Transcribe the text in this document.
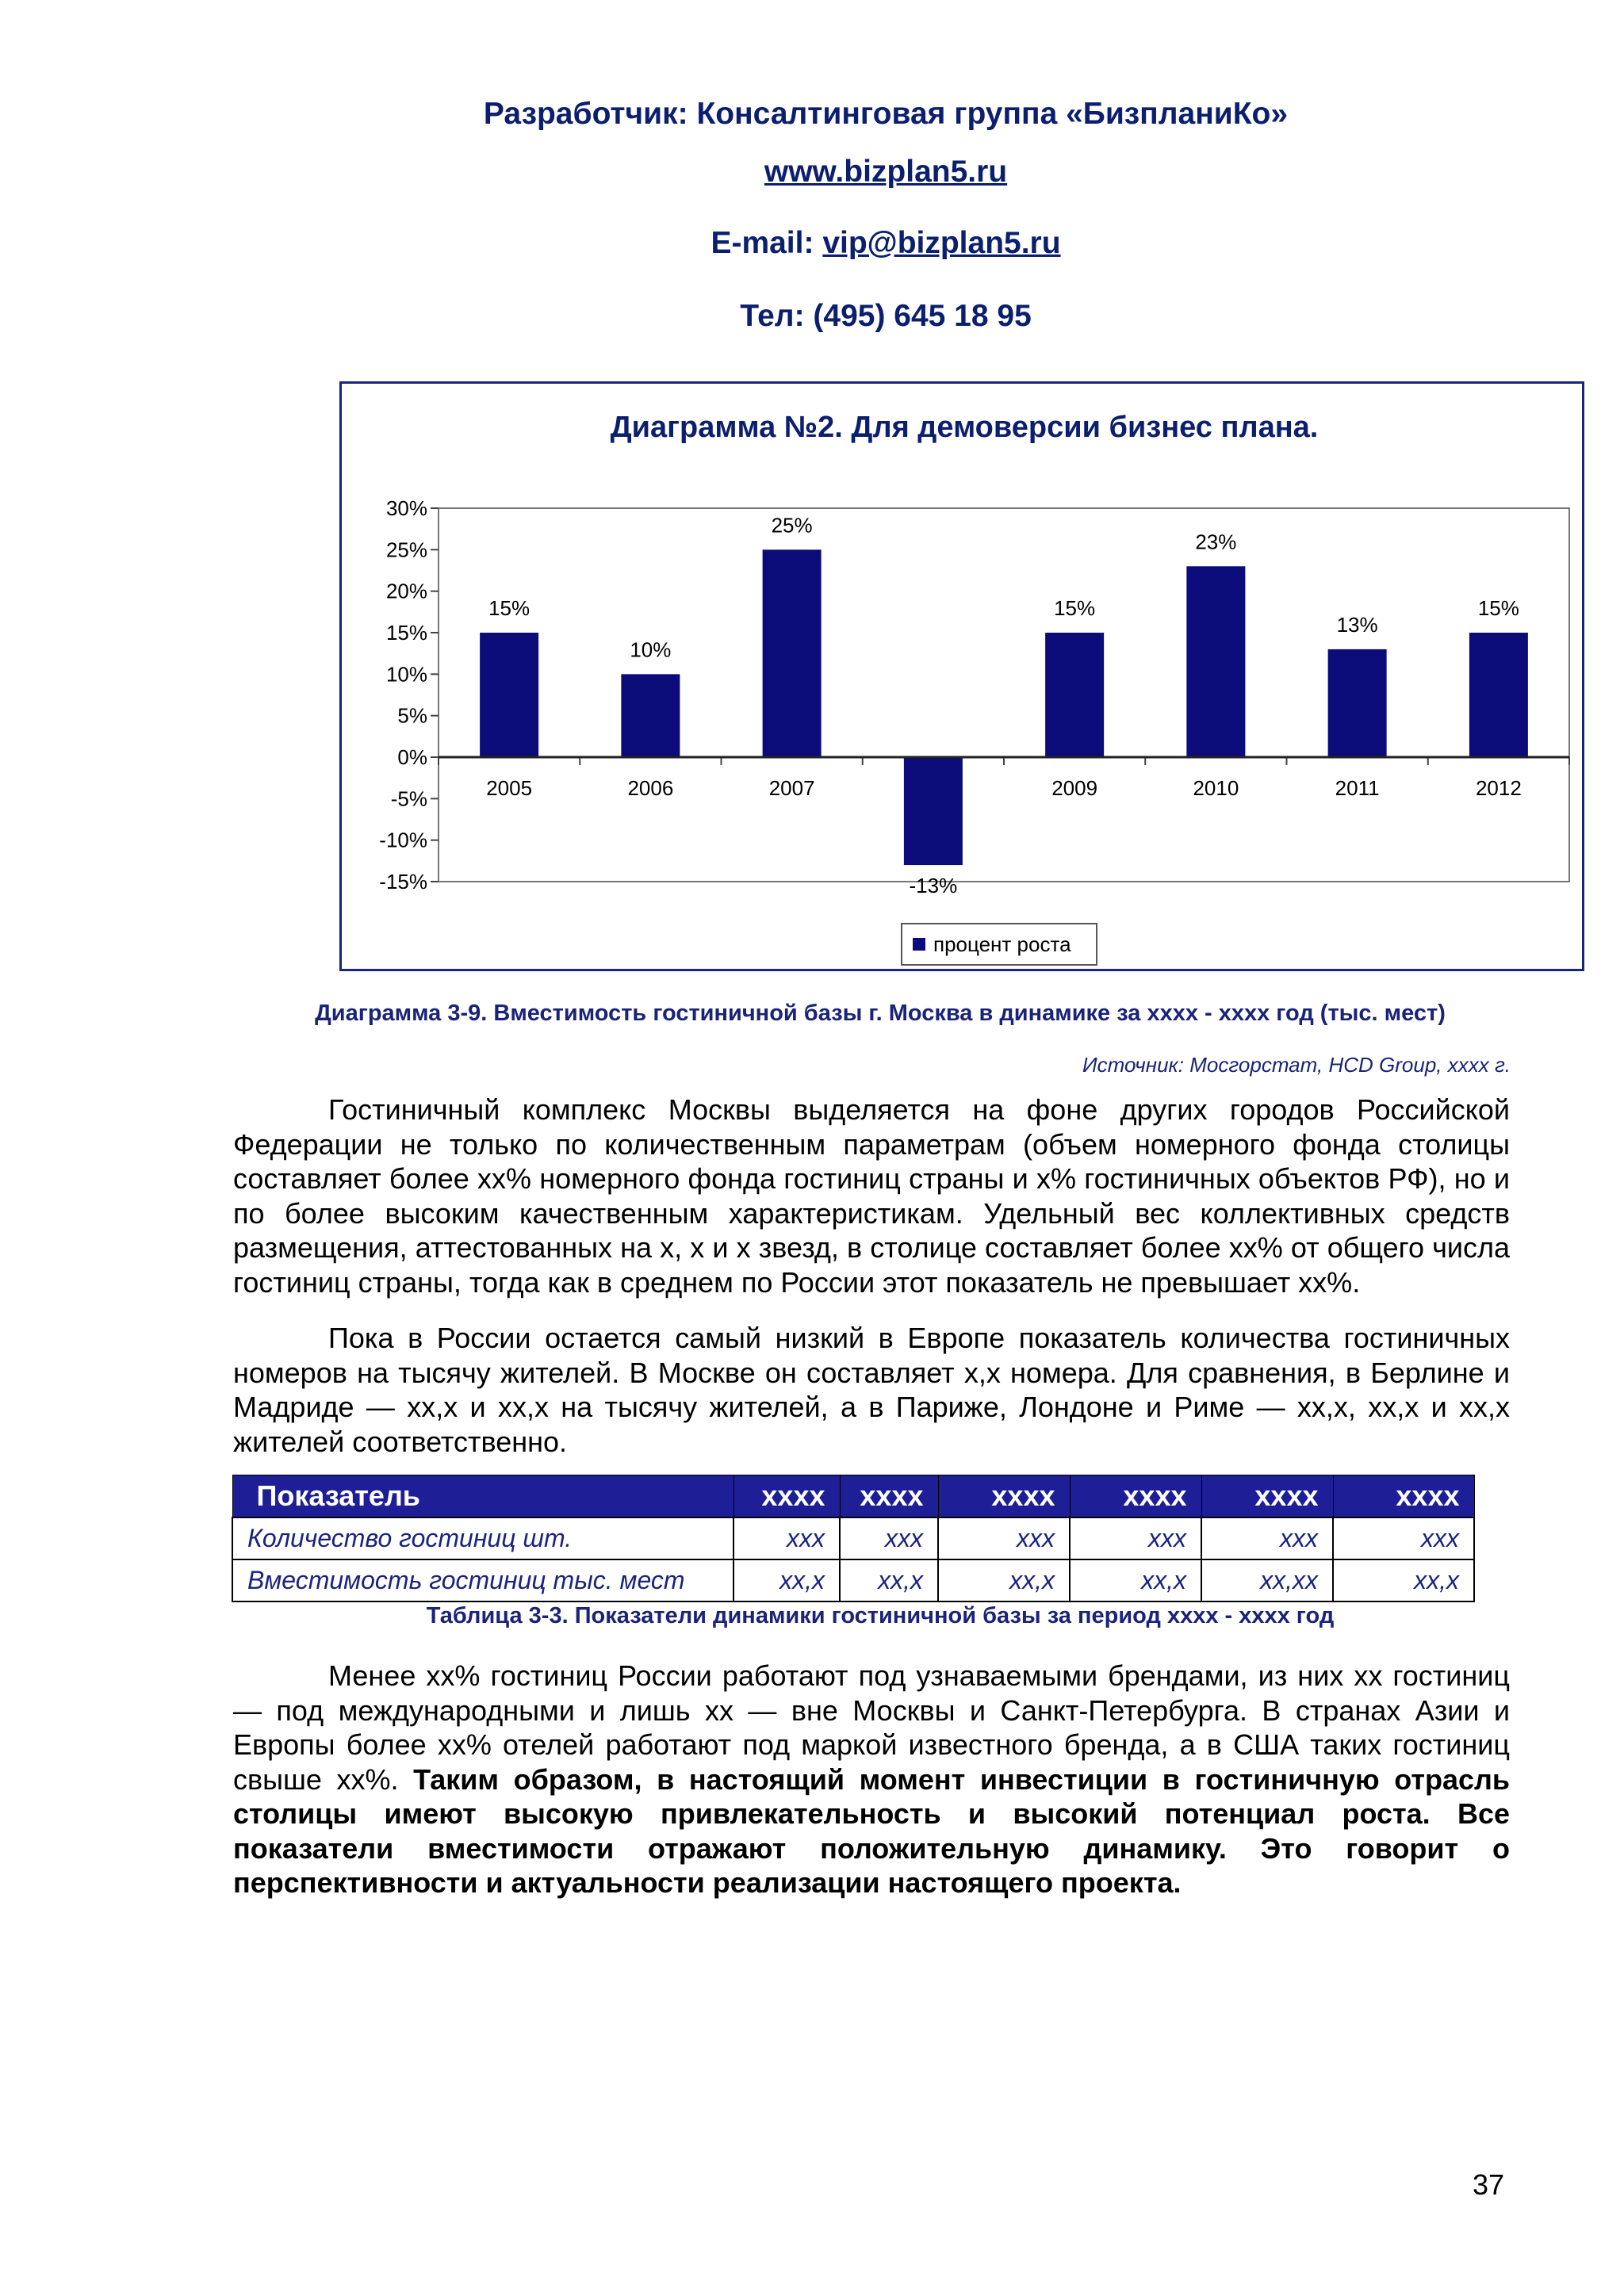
Разработчик: Консалтинговая группа «БизпланиКо»
www.bizplan5.ru
E-mail: vip@bizplan5.ru
Тел: (495) 645 18 95
Диаграмма №2. Для демоверсии бизнес плана.
30%
25%
20%
15%
10%
5%
0%
-5%
-10%
-15%
15%
2005
10%
2006
25%
2007
-13%
15%
2009
23%
2010
13%
2011
15%
2012
процент роста
Диаграмма 3-9. Вместимость гостиничной базы г. Москва в динамике за хххх - хххх год (тыс. мест)
Источник: Мосгорстат, HCD Group, хххх г.

Гостиничный комплекс Москвы выделяется на фоне других городов Российской Федерации не только по количественным параметрам (объем номерного фонда столицы составляет более хх% номерного фонда гостиниц страны и х% гостиничных объектов РФ), но и по более высоким качественным характеристикам. Удельный вес коллективных средств размещения, аттестованных на х, х и х звезд, в столице составляет более хх% от общего числа гостиниц страны, тогда как в среднем по России этот показатель не превышает хх%.

Пока в России остается самый низкий в Европе показатель количества гостиничных номеров на тысячу жителей. В Москве он составляет х,х номера. Для сравнения, в Берлине и Мадриде — хх,х и хх,х на тысячу жителей, а в Париже, Лондоне и Риме — хх,х, хх,х и хх,х жителей соответственно.

Показатель	хххх	хххх	хххх	хххх	хххх	хххх
Количество гостиниц шт.	ххх	ххх	ххх	ххх	ххх	ххх
Вместимость гостиниц тыс. мест	хх,х	хх,х	хх,х	хх,х	хх,хх	хх,х
Таблица 3-3. Показатели динамики гостиничной базы за период хххх - хххх год

Менее хх% гостиниц России работают под узнаваемыми брендами, из них хх гостиниц — под международными и лишь хх — вне Москвы и Санкт-Петербурга. В странах Азии и Европы более хх% отелей работают под маркой известного бренда, а в США таких гостиниц свыше хх%. Таким образом, в настоящий момент инвестиции в гостиничную отрасль столицы имеют высокую привлекательность и высокий потенциал роста. Все показатели вместимости отражают положительную динамику. Это говорит о перспективности и актуальности реализации настоящего проекта.

37
